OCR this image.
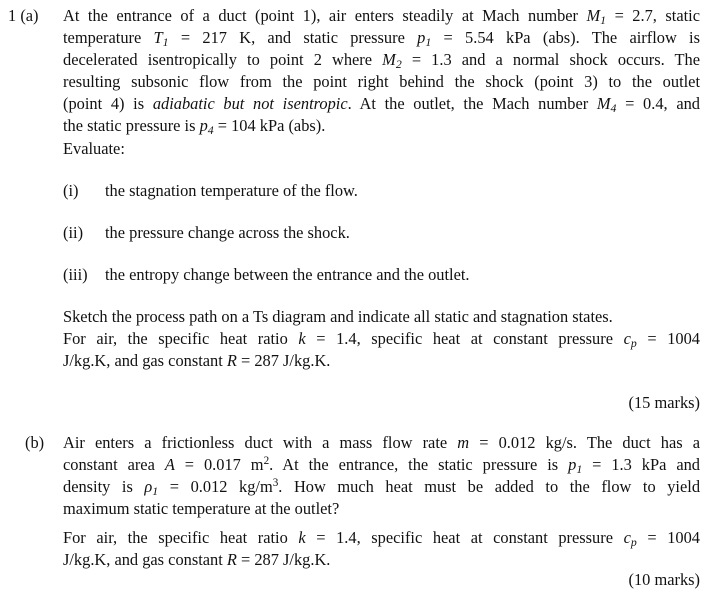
1 (a) At the entrance of a duct (point 1), air enters steadily at Mach number $M_1 = 2.7$, static
temperature $T_1 = 217$ K, and static pressure $p_1 = 5.54$ kPa (abs). The airflow is
decelerated isentropically to point 2 where $M_2 = 1.3$ and a normal shock occurs. The
resulting subsonic flow from the point right behind the shock (point 3) to the outlet
(point 4) is adiabatic but not isentropic. At the outlet, the Mach number $M_4 = 0.4$, and
the static pressure is $p_4 = 104$ kPa (abs).
Evaluate:
(i) the stagnation temperature of the flow.
(ii) the pressure change across the shock.
(iii) the entropy change between the entrance and the outlet.
Sketch the process path on a Ts diagram and indicate all static and stagnation states.
For air, the specific heat ratio k = 1.4, specific heat at constant pressure $c_p = 1004$
J/kg.K, and gas constant R = 287 J/kg.K.
(15 marks)
(b) Air enters a frictionless duct with a mass flow rate m = 0.012 kg/s. The duct has a
constant area A = 0.017 $m^2$. At the entrance, the static pressure is $p_1 = 1.3$ kPa and
density is $\rho_1 = 0.012$ $kg/m^3$. How much heat must be added to the flow to yield
maximum static temperature at the outlet?
For air, the specific heat ratio k = 1.4, specific heat at constant pressure $c_p = 1004$
J/kg.K, and gas constant R = 287 J/kg.K.
(10 marks)
